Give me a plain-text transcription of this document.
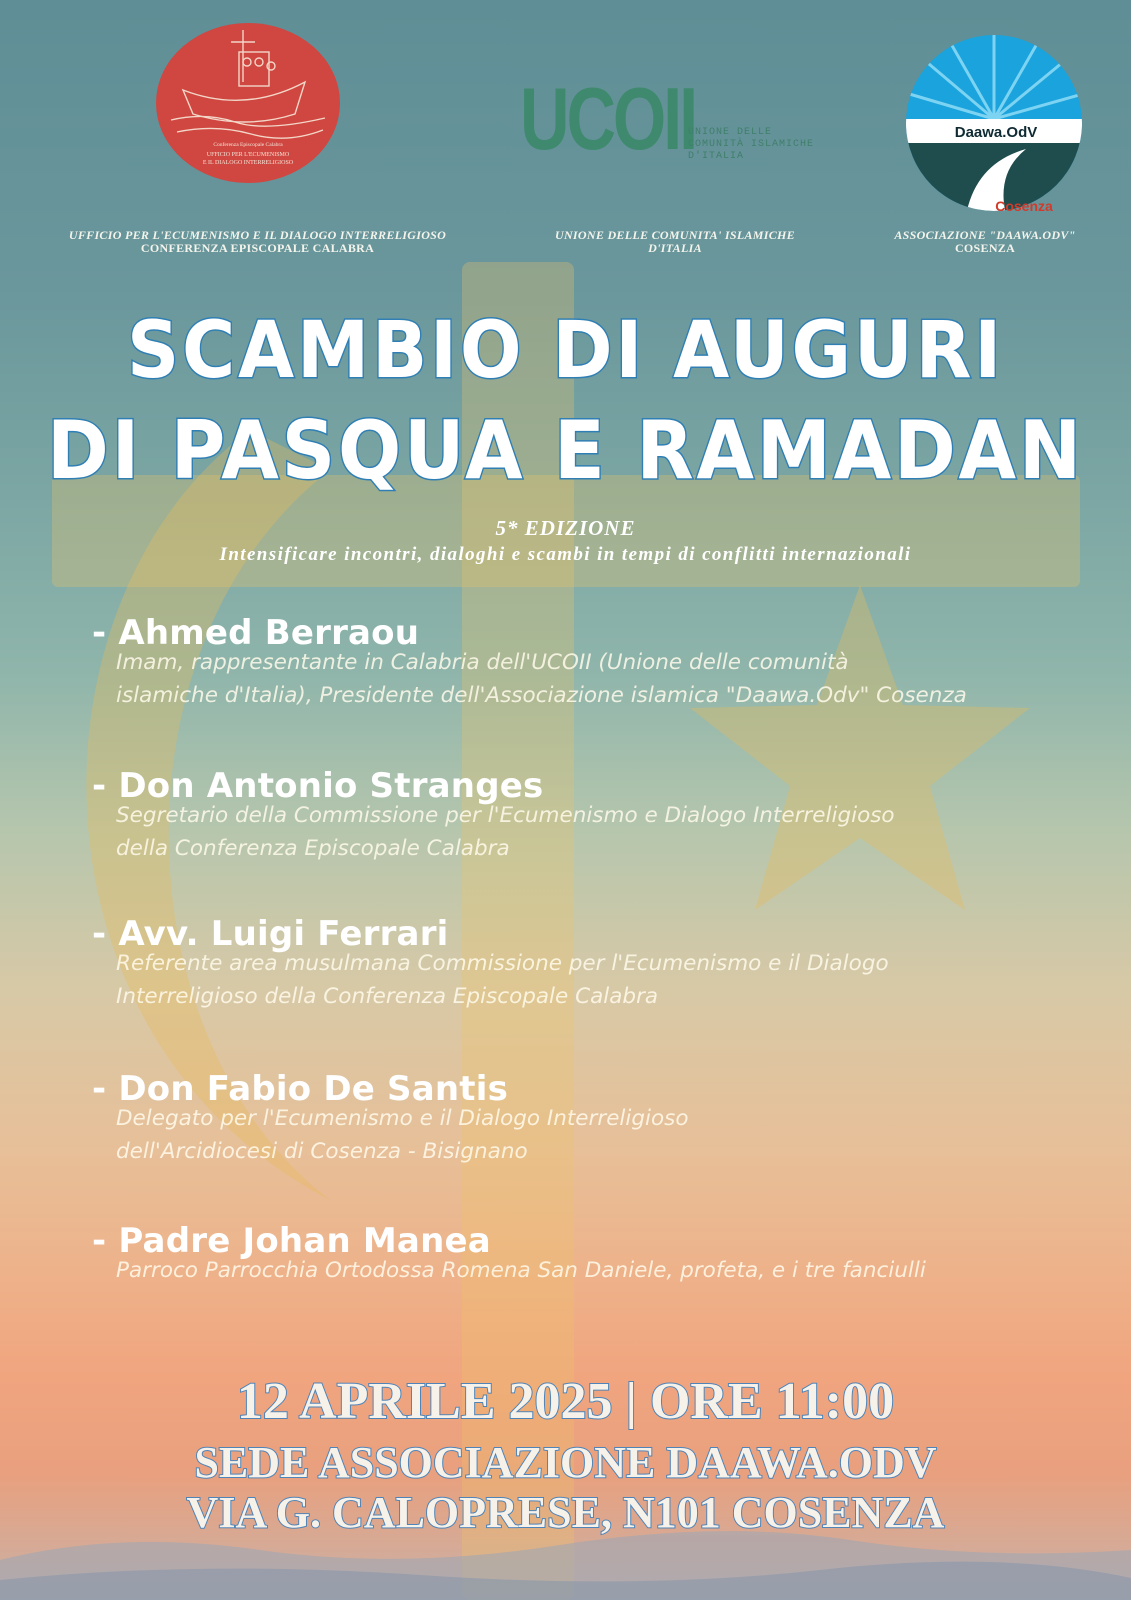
Conferenza Episcopale Calabra
UFFICIO PER L'ECUMENISMO
E IL DIALOGO INTERRELIGIOSO	UCOII
UNIONE DELLE
COMUNITÀ ISLAMICHE
D'ITALIA
Daawa.OdV
Cosenza
UFFICIO PER L'ECUMENISMO E IL DIALOGO INTERRELIGIOSO
CONFERENZA EPISCOPALE CALABRA
UNIONE DELLE COMUNITA' ISLAMICHE
D'ITALIA
ASSOCIAZIONE "DAAWA.ODV"
COSENZA
SCAMBIO DI AUGURI
DI PASQUA E RAMADAN
5* EDIZIONE
Intensificare incontri, dialoghi e scambi in tempi di conflitti internazionali
- Ahmed Berraou
Imam, rappresentante in Calabria dell'UCOII (Unione delle comunità
islamiche d'Italia), Presidente dell'Associazione islamica "Daawa.Odv" Cosenza
- Don Antonio Stranges
Segretario della Commissione per l'Ecumenismo e Dialogo Interreligioso
della Conferenza Episcopale Calabra
- Avv. Luigi Ferrari
Referente area musulmana Commissione per l'Ecumenismo e il Dialogo
Interreligioso della Conferenza Episcopale Calabra
- Don Fabio De Santis
Delegato per l'Ecumenismo e il Dialogo Interreligioso
dell'Arcidiocesi di Cosenza - Bisignano
- Padre Johan Manea
Parroco Parrocchia Ortodossa Romena San Daniele, profeta, e i tre fanciulli
12 APRILE 2025 | ORE 11:00
SEDE ASSOCIAZIONE DAAWA.ODV
VIA G. CALOPRESE, N101 COSENZA
